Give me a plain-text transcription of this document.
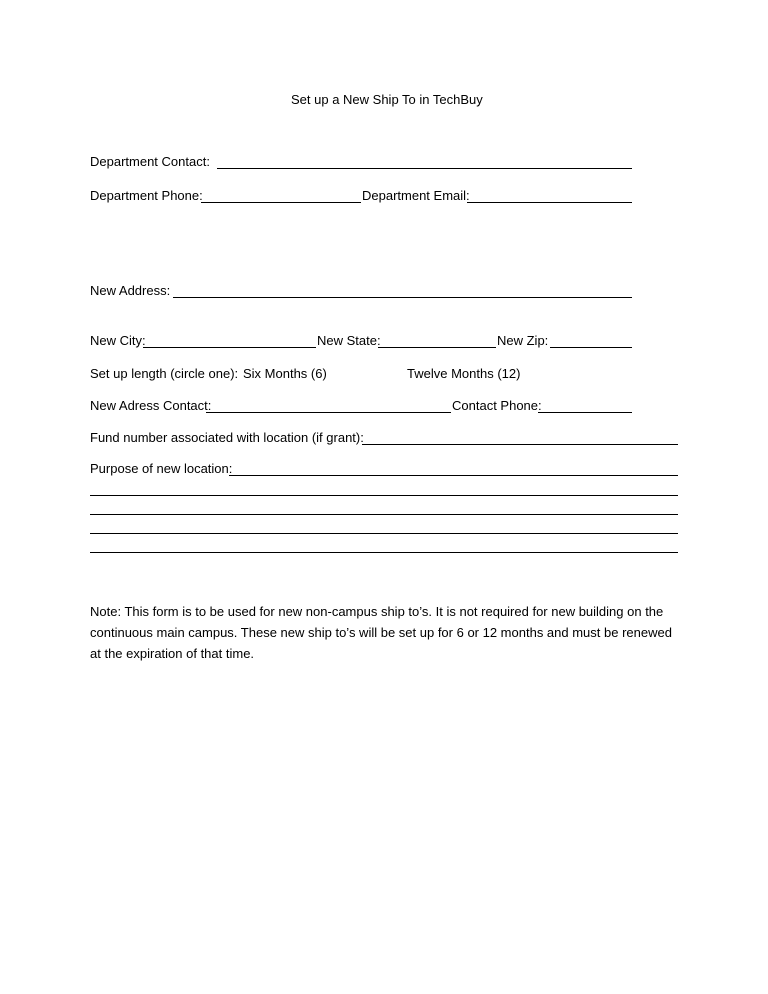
Set up a New Ship To in TechBuy
Department Contact:
Department Phone:	Department Email:
New Address:
New City:	New State:	New Zip:
Set up length (circle one): Six Months (6)	Twelve Months (12)
New Adress Contact:	Contact Phone:
Fund number associated with location (if grant):
Purpose of new location:
Note: This form is to be used for new non-campus ship to’s. It is not required for new building on the continuous main campus. These new ship to’s will be set up for 6 or 12 months and must be renewed at the expiration of that time.
